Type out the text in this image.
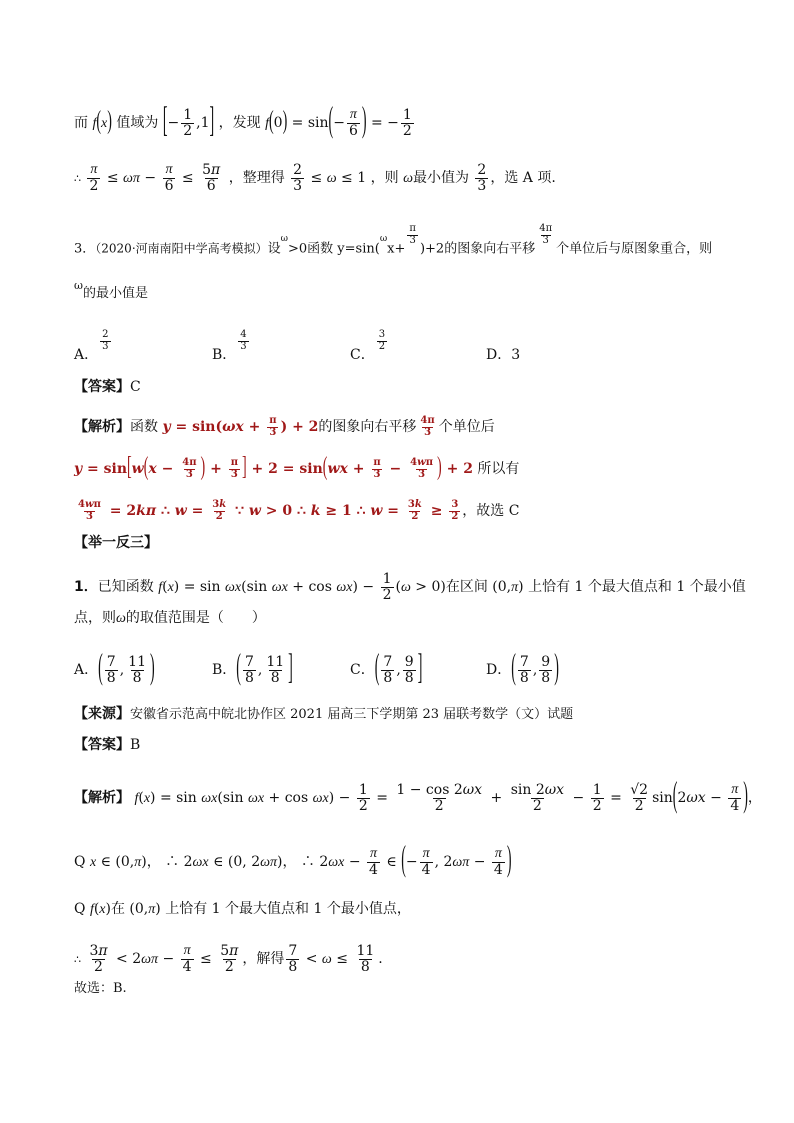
而 f(x) 值域为 [− $\frac{1}{2} ,1$] ，发现 $f(0) = \sin(- \frac{\pi}{6}$ ) = − $\frac{1}{2}$
∴ $\frac{\pi}{2} \le \omega\pi - \frac{\pi}{6} \le \frac{5\pi}{6}$ ，整理得 $\frac{2}{3} \le \omega \le 1$ ，则 ω最小值为 $\frac{2}{3}$ ，选 A 项.
3．（2020·河南南阳中学高考模拟）设$^\omega$>0函数 y=sin($^\omega$x+
$\frac{\pi}{3}$
)+2的图象向右平移
$\frac{4\pi}{3}$
个单位后与原图象重合，则
$^\omega$的最小值是
A．
$\frac{2}{3}$
B．
$\frac{4}{3}$
C．
$\frac{3}{2}$
D．3
【答案】C
【解析】函数 $y = \sin(\omega x + \frac{\pi}{3}$ ) + 2的图象向右平移 $\frac{4\pi}{3}$ 个单位后
$y = \sin[w(x - \frac{4\pi}{3}$ ) + $\frac{\pi}{3}$ ] + $2 = \sin(wx + \frac{\pi}{3} - \frac{4w\pi}{3}$ ) + 2 所以有
$\frac{4w\pi}{3} = 2k\pi$ ∴ $w = \frac{3k}{2}$ ∵ w > 0 ∴ k ≥ 1 ∴ $w = \frac{3k}{2} \ge \frac{3}{2}$ ，故选 C
【举一反三】
1．已知函数 f(x) = sin ωx(sin $\omega x + \cos \omega x) - \frac{1}{2} (\omega > 0)$在区间 (0,π) 上恰有 1 个最大值点和 1 个最小值
点，则ω的取值范围是（　　）
A．( $\frac{7}{8}$ , $\frac{11}{8}$ )	B．( $\frac{7}{8}$ , $\frac{11}{8}$ ]	C．( $\frac{7}{8}$ , $\frac{9}{8}$ ]	D．( $\frac{7}{8}$ , $\frac{9}{8}$ )
【来源】安徽省示范高中皖北协作区 2021 届高三下学期第 23 届联考数学（文）试题
【答案】B
【解析】 f(x) = sin ωx(sin $\omega x + \cos \omega x) - \frac{1}{2} = \frac{1 - \cos 2\omega x}{2} + \frac{\sin 2\omega x}{2} - \frac{1}{2} = \frac{√2}{2} \sin(2\omega x - \frac{\pi}{4}$ )，
Q x ∈ (0,π)， ∴ 2ωx ∈ (0, 2ωπ)， ∴ $2\omega x - \frac{\pi}{4}$ ∈ (− $\frac{\pi}{4}$ , $2\omega\pi - \frac{\pi}{4}$ )
Q f(x)在 (0,π) 上恰有 1 个最大值点和 1 个最小值点，
∴ $\frac{3\pi}{2} < 2\omega\pi - \frac{\pi}{4} \le \frac{5\pi}{2}$ ，解得 $\frac{7}{8} < \omega \le \frac{11}{8}$ .
故选：B.
